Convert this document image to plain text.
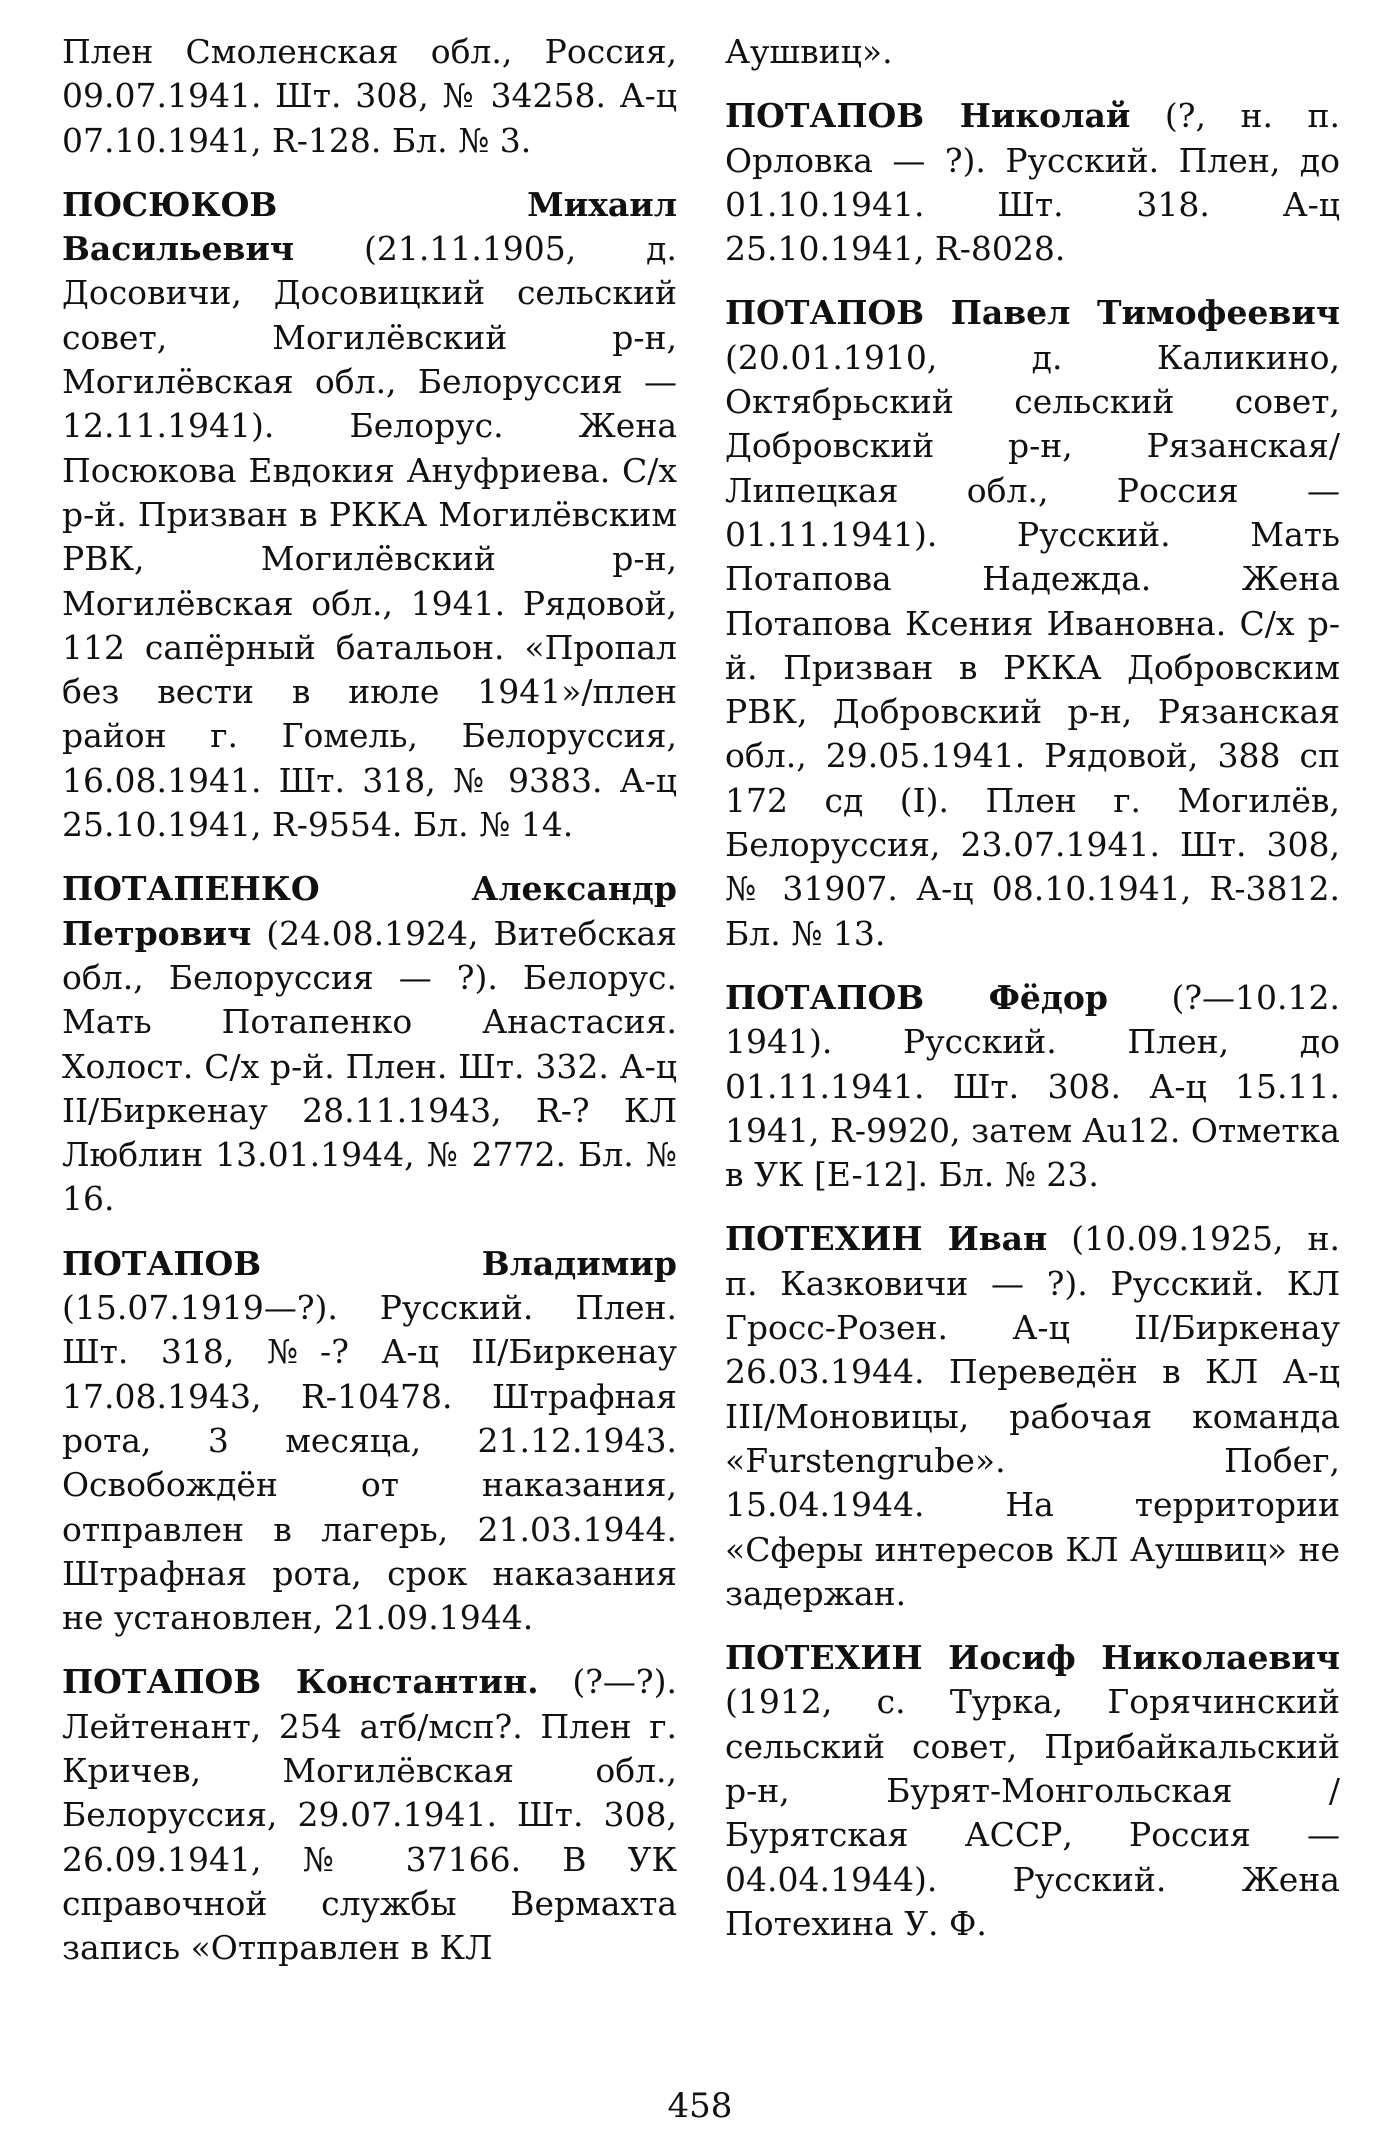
Плен Смоленская обл., Россия, 09.07.1941. Шт. 308, № 34258. А-ц 07.10.1941, R-128. Бл. № 3.

ПОСЮКОВ Михаил Васильевич (21.11.1905, д. Досовичи, Досовицкий сельский совет, Могилёвский р-н, Могилёвская обл., Белоруссия — 12.11.1941). Белорус. Жена Посюкова Евдокия Ануфриева. С/х р-й. Призван в РККА Могилёвским РВК, Могилёвский р-н, Могилёвская обл., 1941. Рядовой, 112 сапёрный батальон. «Пропал без вести в июле 1941»/плен район г. Гомель, Белоруссия, 16.08.1941. Шт. 318, № 9383. А-ц 25.10.1941, R-9554. Бл. № 14.

ПОТАПЕНКО Александр Петрович (24.08.1924, Витебская обл., Белоруссия — ?). Белорус. Мать Потапенко Анастасия. Холост. С/х р-й. Плен. Шт. 332. А-ц II/Биркенау 28.11.1943, R-? КЛ Люблин 13.01.1944, № 2772. Бл. № 16.

ПОТАПОВ Владимир (15.07.1919—?). Русский. Плен. Шт. 318, №-? А-ц II/Биркенау 17.08.1943, R-10478. Штрафная рота, 3 месяца, 21.12.1943. Освобождён от наказания, отправлен в лагерь, 21.03.1944. Штрафная рота, срок наказания не установлен, 21.09.1944.

ПОТАПОВ Константин. (?—?). Лейтенант, 254 атб/мсп?. Плен г. Кричев, Могилёвская обл., Белоруссия, 29.07.1941. Шт. 308, 26.09.1941, № 37166. В УК справочной службы Вермахта запись «Отправлен в КЛ

Аушвиц».

ПОТАПОВ Николай (?, н. п. Орловка — ?). Русский. Плен, до 01.10.1941. Шт. 318. А-ц 25.10.1941, R-8028.

ПОТАПОВ Павел Тимофеевич (20.01.1910, д. Каликино, Октябрьский сельский совет, Добровский р-н, Рязанская/ Липецкая обл., Россия — 01.11.1941). Русский. Мать Потапова Надежда. Жена Потапова Ксения Ивановна. С/х р-й. Призван в РККА Добровским РВК, Добровский р-н, Рязанская обл., 29.05.1941. Рядовой, 388 сп 172 сд (I). Плен г. Могилёв, Белоруссия, 23.07.1941. Шт. 308, № 31907. А-ц 08.10.1941, R-3812. Бл. № 13.

ПОТАПОВ Фёдор (?—10.12. 1941). Русский. Плен, до 01.11.1941. Шт. 308. А-ц 15.11. 1941, R-9920, затем Au12. Отметка в УК [E-12]. Бл. № 23.

ПОТЕХИН Иван (10.09.1925, н. п. Казковичи — ?). Русский. КЛ Гросс-Розен. А-ц II/Биркенау 26.03.1944. Переведён в КЛ А-ц III/Моновицы, рабочая команда «Furstengrube». Побег, 15.04.1944. На территории «Сферы интересов КЛ Аушвиц» не задержан.

ПОТЕХИН Иосиф Николаевич (1912, с. Турка, Горячинский сельский совет, Прибайкальский р-н, Бурят-Монгольская / Бурятская АССР, Россия — 04.04.1944). Русский. Жена Потехина У. Ф.

458
